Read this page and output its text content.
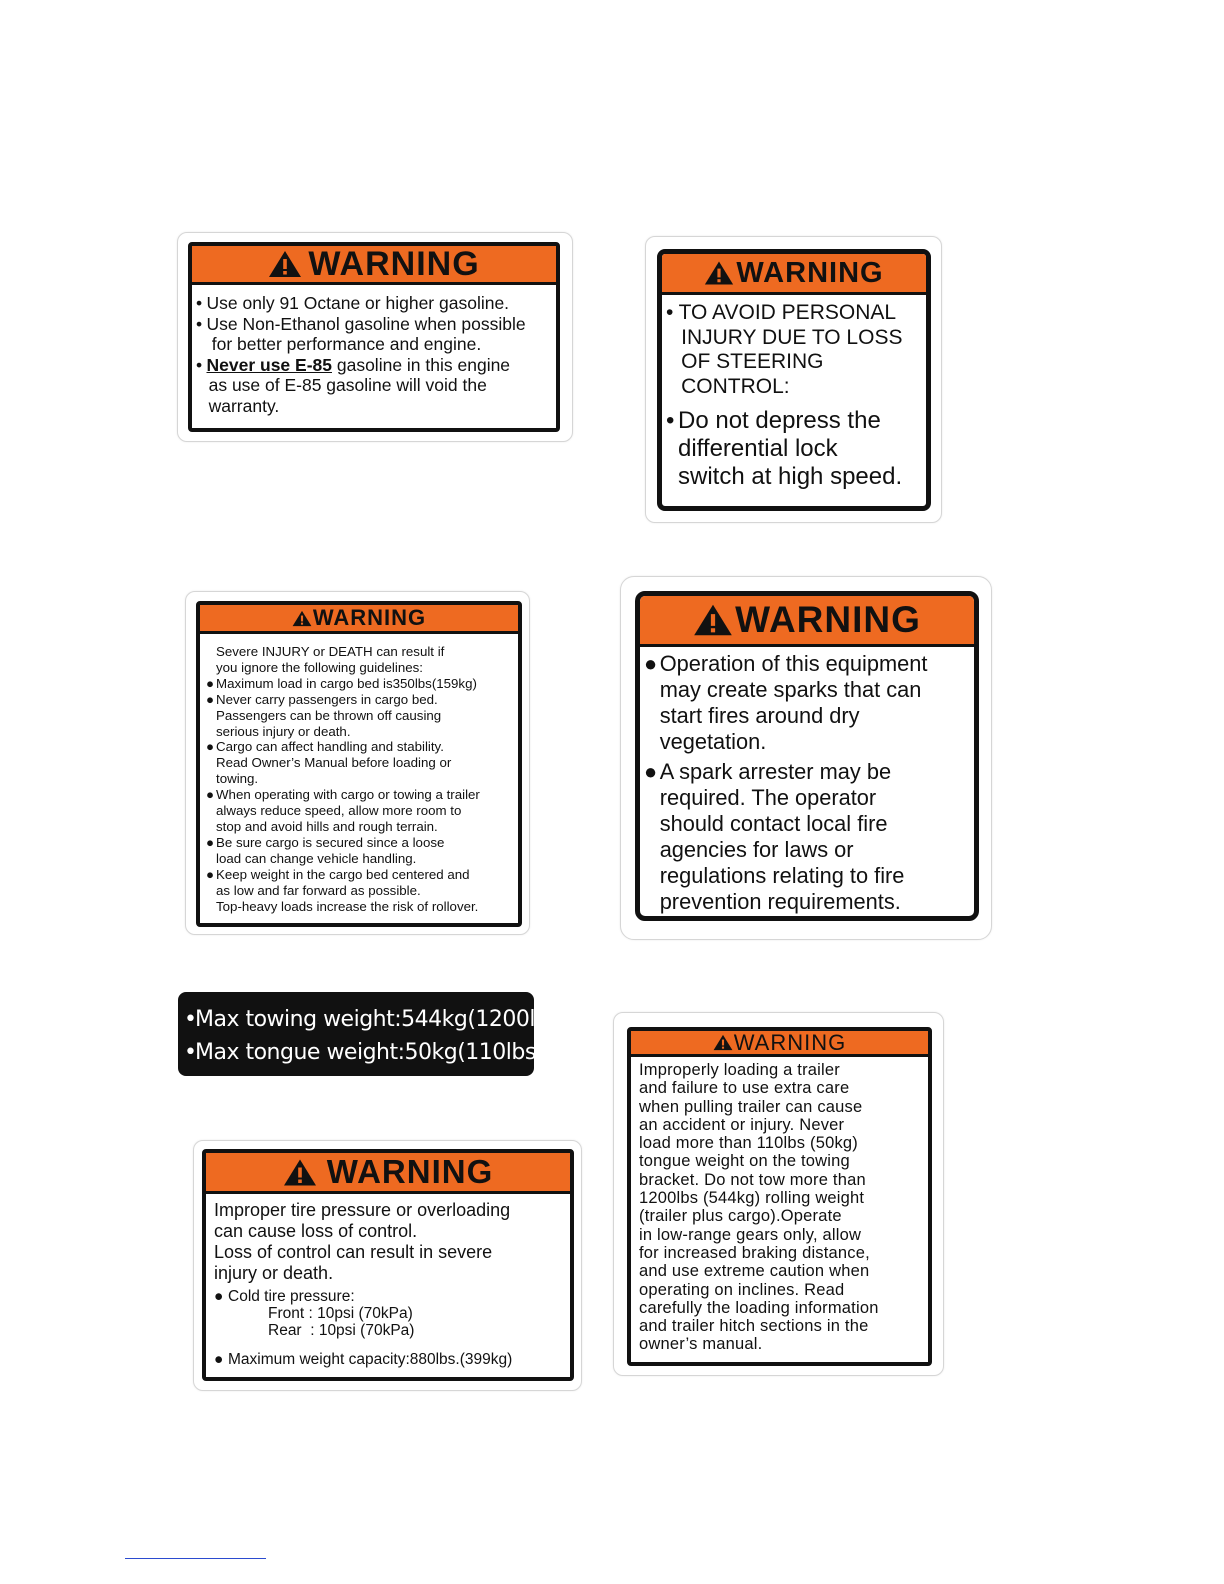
WARNING
• Use only 91 Octane or higher gasoline.
• Use Non-Ethanol gasoline when possible
for better performance and engine.
• Never use E-85 gasoline in this engine
as use of E-85 gasoline will void the
warranty.
WARNING
• TO AVOID PERSONAL
INJURY DUE TO LOSS
OF STEERING
CONTROL:
• Do not depress the
differential lock
switch at high speed.
WARNING
Severe INJURY or DEATH can result if
you ignore the following guidelines:
● Maximum load in cargo bed is350lbs(159kg)
● Never carry passengers in cargo bed.
Passengers can be thrown off causing
serious injury or death.
● Cargo can affect handling and stability.
Read Owner’s Manual before loading or
towing.
● When operating with cargo or towing a trailer
always reduce speed, allow more room to
stop and avoid hills and rough terrain.
● Be sure cargo is secured since a loose
load can change vehicle handling.
● Keep weight in the cargo bed centered and
as low and far forward as possible.
Top-heavy loads increase the risk of rollover.
WARNING
● Operation of this equipment
may create sparks that can
start fires around dry
vegetation.
● A spark arrester may be
required. The operator
should contact local fire
agencies for laws or
regulations relating to fire
prevention requirements.
•Max towing weight:544kg(1200lbs)
•Max tongue weight:50kg(110lbs)
WARNING
Improper tire pressure or overloading
can cause loss of control.
Loss of control can result in severe
injury or death.
● Cold tire pressure:
Front : 10psi (70kPa)
Rear  : 10psi (70kPa)
● Maximum weight capacity:880lbs.(399kg)
WARNING
Improperly loading a trailer
and failure to use extra care
when pulling trailer can cause
an accident or injury. Never
load more than 110lbs (50kg)
tongue weight on the towing
bracket. Do not tow more than
1200lbs (544kg) rolling weight
(trailer plus cargo).Operate
in low-range gears only, allow
for increased braking distance,
and use extreme caution when
operating on inclines. Read
carefully the loading information
and trailer hitch sections in the
owner’s manual.
